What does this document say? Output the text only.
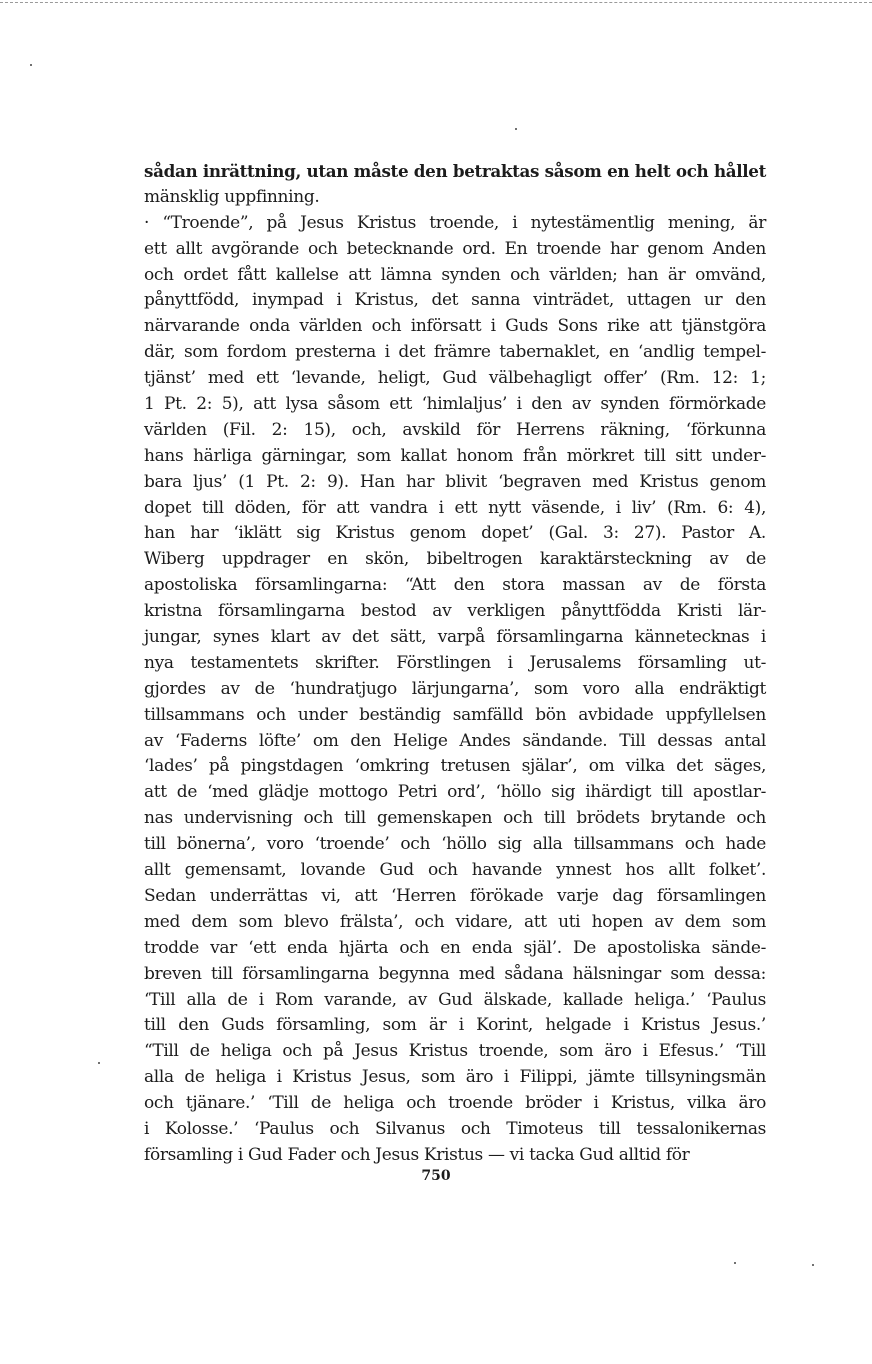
sådan inrättning, utan måste den betraktas såsom en helt och hållet
mänsklig uppfinning.
· “Troende”, på Jesus Kristus troende, i nytestämentlig mening, är
ett allt avgörande och betecknande ord. En troende har genom Anden
och ordet fått kallelse att lämna synden och världen; han är omvänd,
pånyttfödd, inympad i Kristus, det sanna vinträdet, uttagen ur den
närvarande onda världen och införsatt i Guds Sons rike att tjänstgöra
där, som fordom presterna i det främre tabernaklet, en ‘andlig tempel-
tjänst’ med ett ‘levande, heligt, Gud välbehagligt offer’ (Rm. 12: 1;
1 Pt. 2: 5), att lysa såsom ett ‘himlaljus’ i den av synden förmörkade
världen (Fil. 2: 15), och, avskild för Herrens räkning, ‘förkunna
hans härliga gärningar, som kallat honom från mörkret till sitt under-
bara ljus’ (1 Pt. 2: 9). Han har blivit ‘begraven med Kristus genom
dopet till döden, för att vandra i ett nytt väsende, i liv’ (Rm. 6: 4),
han har ‘iklätt sig Kristus genom dopet’ (Gal. 3: 27). Pastor A.
Wiberg uppdrager en skön, bibeltrogen karaktärsteckning av de
apostoliska församlingarna: “Att den stora massan av de första
kristna församlingarna bestod av verkligen pånyttfödda Kristi lär-
jungar, synes klart av det sätt, varpå församlingarna kännetecknas i
nya testamentets skrifter. Förstlingen i Jerusalems församling ut-
gjordes av de ‘hundratjugo lärjungarna’, som voro alla endräktigt
tillsammans och under beständig samfälld bön avbidade uppfyllelsen
av ‘Faderns löfte’ om den Helige Andes sändande. Till dessas antal
‘lades’ på pingstdagen ‘omkring tretusen själar’, om vilka det säges,
att de ‘med glädje mottogo Petri ord’, ‘höllo sig ihärdigt till apostlar-
nas undervisning och till gemenskapen och till brödets brytande och
till bönerna’, voro ‘troende’ och ‘höllo sig alla tillsammans och hade
allt gemensamt, lovande Gud och havande ynnest hos allt folket’.
Sedan underrättas vi, att ‘Herren förökade varje dag församlingen
med dem som blevo frälsta’, och vidare, att uti hopen av dem som
trodde var ‘ett enda hjärta och en enda själ’. De apostoliska sände-
breven till församlingarna begynna med sådana hälsningar som dessa:
‘Till alla de i Rom varande, av Gud älskade, kallade heliga.’ ‘Paulus
till den Guds församling, som är i Korint, helgade i Kristus Jesus.’
“Till de heliga och på Jesus Kristus troende, som äro i Efesus.’ ‘Till
alla de heliga i Kristus Jesus, som äro i Filippi, jämte tillsyningsmän
och tjänare.’ ‘Till de heliga och troende bröder i Kristus, vilka äro
i Kolosse.’ ‘Paulus och Silvanus och Timoteus till tessalonikernas
församling i Gud Fader och Jesus Kristus — vi tacka Gud alltid för
750
